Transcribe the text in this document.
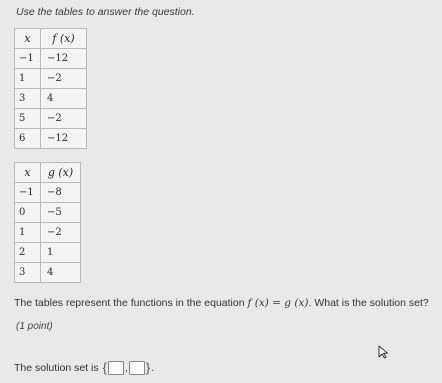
Use the tables to answer the question.
x	f (x)
−1	−12
1	−2
3	4
5	−2
6	−12
x	g (x)
−1	−8
0	−5
1	−2
2	1
3	4
The tables represent the functions in the equation f (x) = g (x). What is the solution set?
(1 point)
The solution set is
{ , } .
